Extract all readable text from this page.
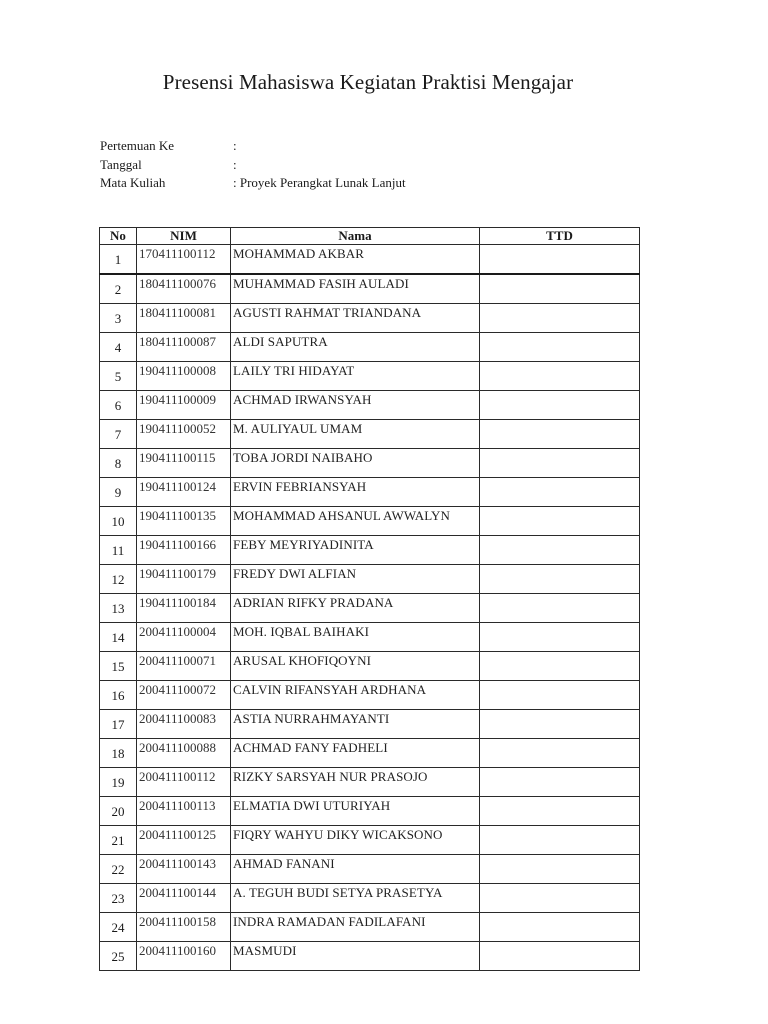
Presensi Mahasiswa Kegiatan Praktisi Mengajar
Pertemuan Ke	:
Tanggal	:
Mata Kuliah	: Proyek Perangkat Lunak Lanjut
No	NIM	Nama	TTD
1	170411100112	MOHAMMAD AKBAR	
2	180411100076	MUHAMMAD FASIH AULADI	
3	180411100081	AGUSTI RAHMAT TRIANDANA	
4	180411100087	ALDI SAPUTRA	
5	190411100008	LAILY TRI HIDAYAT	
6	190411100009	ACHMAD IRWANSYAH	
7	190411100052	M. AULIYAUL UMAM	
8	190411100115	TOBA JORDI NAIBAHO	
9	190411100124	ERVIN FEBRIANSYAH	
10	190411100135	MOHAMMAD AHSANUL AWWALYN	
11	190411100166	FEBY MEYRIYADINITA	
12	190411100179	FREDY DWI ALFIAN	
13	190411100184	ADRIAN RIFKY PRADANA	
14	200411100004	MOH. IQBAL BAIHAKI	
15	200411100071	ARUSAL KHOFIQOYNI	
16	200411100072	CALVIN RIFANSYAH ARDHANA	
17	200411100083	ASTIA NURRAHMAYANTI	
18	200411100088	ACHMAD FANY FADHELI	
19	200411100112	RIZKY SARSYAH NUR PRASOJO	
20	200411100113	ELMATIA DWI UTURIYAH	
21	200411100125	FIQRY WAHYU DIKY WICAKSONO	
22	200411100143	AHMAD FANANI	
23	200411100144	A. TEGUH BUDI SETYA PRASETYA	
24	200411100158	INDRA RAMADAN FADILAFANI	
25	200411100160	MASMUDI	
